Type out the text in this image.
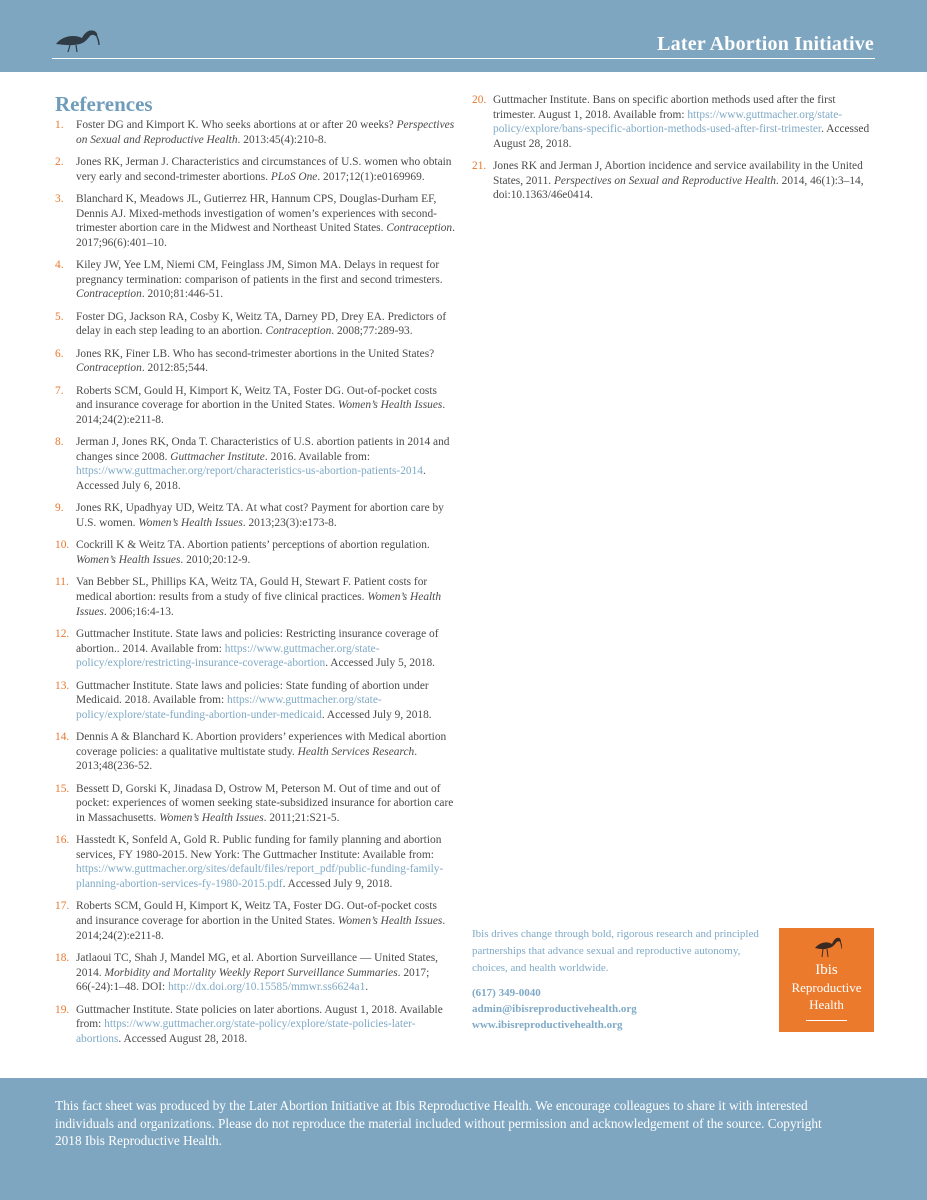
Later Abortion Initiative
References
1. Foster DG and Kimport K. Who seeks abortions at or after 20 weeks? Perspectives on Sexual and Reproductive Health. 2013:45(4):210-8.
2. Jones RK, Jerman J. Characteristics and circumstances of U.S. women who obtain very early and second-trimester abortions. PLoS One. 2017;12(1):e0169969.
3. Blanchard K, Meadows JL, Gutierrez HR, Hannum CPS, Douglas-Durham EF, Dennis AJ. Mixed-methods investigation of women’s experiences with second-trimester abortion care in the Midwest and Northeast United States. Contraception. 2017;96(6):401–10.
4. Kiley JW, Yee LM, Niemi CM, Feinglass JM, Simon MA. Delays in request for pregnancy termination: comparison of patients in the first and second trimesters. Contraception. 2010;81:446-51.
5. Foster DG, Jackson RA, Cosby K, Weitz TA, Darney PD, Drey EA. Predictors of delay in each step leading to an abortion. Contraception. 2008;77:289-93.
6. Jones RK, Finer LB. Who has second-trimester abortions in the United States? Contraception. 2012:85;544.
7. Roberts SCM, Gould H, Kimport K, Weitz TA, Foster DG. Out-of-pocket costs and insurance coverage for abortion in the United States. Women’s Health Issues. 2014;24(2):e211-8.
8. Jerman J, Jones RK, Onda T. Characteristics of U.S. abortion patients in 2014 and changes since 2008. Guttmacher Institute. 2016. Available from: https://www.guttmacher.org/report/characteristics-us-abortion-patients-2014. Accessed July 6, 2018.
9. Jones RK, Upadhyay UD, Weitz TA. At what cost? Payment for abortion care by U.S. women. Women’s Health Issues. 2013;23(3):e173-8.
10. Cockrill K & Weitz TA. Abortion patients’ perceptions of abortion regulation. Women’s Health Issues. 2010;20:12-9.
11. Van Bebber SL, Phillips KA, Weitz TA, Gould H, Stewart F. Patient costs for medical abortion: results from a study of five clinical practices. Women’s Health Issues. 2006;16:4-13.
12. Guttmacher Institute. State laws and policies: Restricting insurance coverage of abortion.. 2014. Available from: https://www.guttmacher.org/state-policy/explore/restricting-insurance-coverage-abortion. Accessed July 5, 2018.
13. Guttmacher Institute. State laws and policies: State funding of abortion under Medicaid. 2018. Available from: https://www.guttmacher.org/state-policy/explore/state-funding-abortion-under-medicaid. Accessed July 9, 2018.
14. Dennis A & Blanchard K. Abortion providers’ experiences with Medical abortion coverage policies: a qualitative multistate study. Health Services Research. 2013;48(236-52.
15. Bessett D, Gorski K, Jinadasa D, Ostrow M, Peterson M. Out of time and out of pocket: experiences of women seeking state-subsidized insurance for abortion care in Massachusetts. Women’s Health Issues. 2011;21:S21-5.
16. Hasstedt K, Sonfeld A, Gold R. Public funding for family planning and abortion services, FY 1980-2015. New York: The Guttmacher Institute: Available from: https://www.guttmacher.org/sites/default/files/report_pdf/public-funding-family-planning-abortion-services-fy-1980-2015.pdf. Accessed July 9, 2018.
17. Roberts SCM, Gould H, Kimport K, Weitz TA, Foster DG. Out-of-pocket costs and insurance coverage for abortion in the United States. Women’s Health Issues. 2014;24(2):e211-8.
18. Jatlaoui TC, Shah J, Mandel MG, et al. Abortion Surveillance — United States, 2014. Morbidity and Mortality Weekly Report Surveillance Summaries. 2017; 66(-24):1–48. DOI: http://dx.doi.org/10.15585/mmwr.ss6624a1.
19. Guttmacher Institute. State policies on later abortions. August 1, 2018. Available from: https://www.guttmacher.org/state-policy/explore/state-policies-later-abortions. Accessed August 28, 2018.
20. Guttmacher Institute. Bans on specific abortion methods used after the first trimester. August 1, 2018. Available from: https://www.guttmacher.org/state-policy/explore/bans-specific-abortion-methods-used-after-first-trimester. Accessed August 28, 2018.
21. Jones RK and Jerman J, Abortion incidence and service availability in the United States, 2011. Perspectives on Sexual and Reproductive Health. 2014, 46(1):3–14, doi:10.1363/46e0414.
Ibis drives change through bold, rigorous research and principled partnerships that advance sexual and reproductive autonomy, choices, and health worldwide.
(617) 349-0040
admin@ibisreproductivehealth.org
www.ibisreproductivehealth.org
Ibis
Reproductive
Health
This fact sheet was produced by the Later Abortion Initiative at Ibis Reproductive Health. We encourage colleagues to share it with interested individuals and organizations. Please do not reproduce the material included without permission and acknowledgement of the source. Copyright 2018 Ibis Reproductive Health.
